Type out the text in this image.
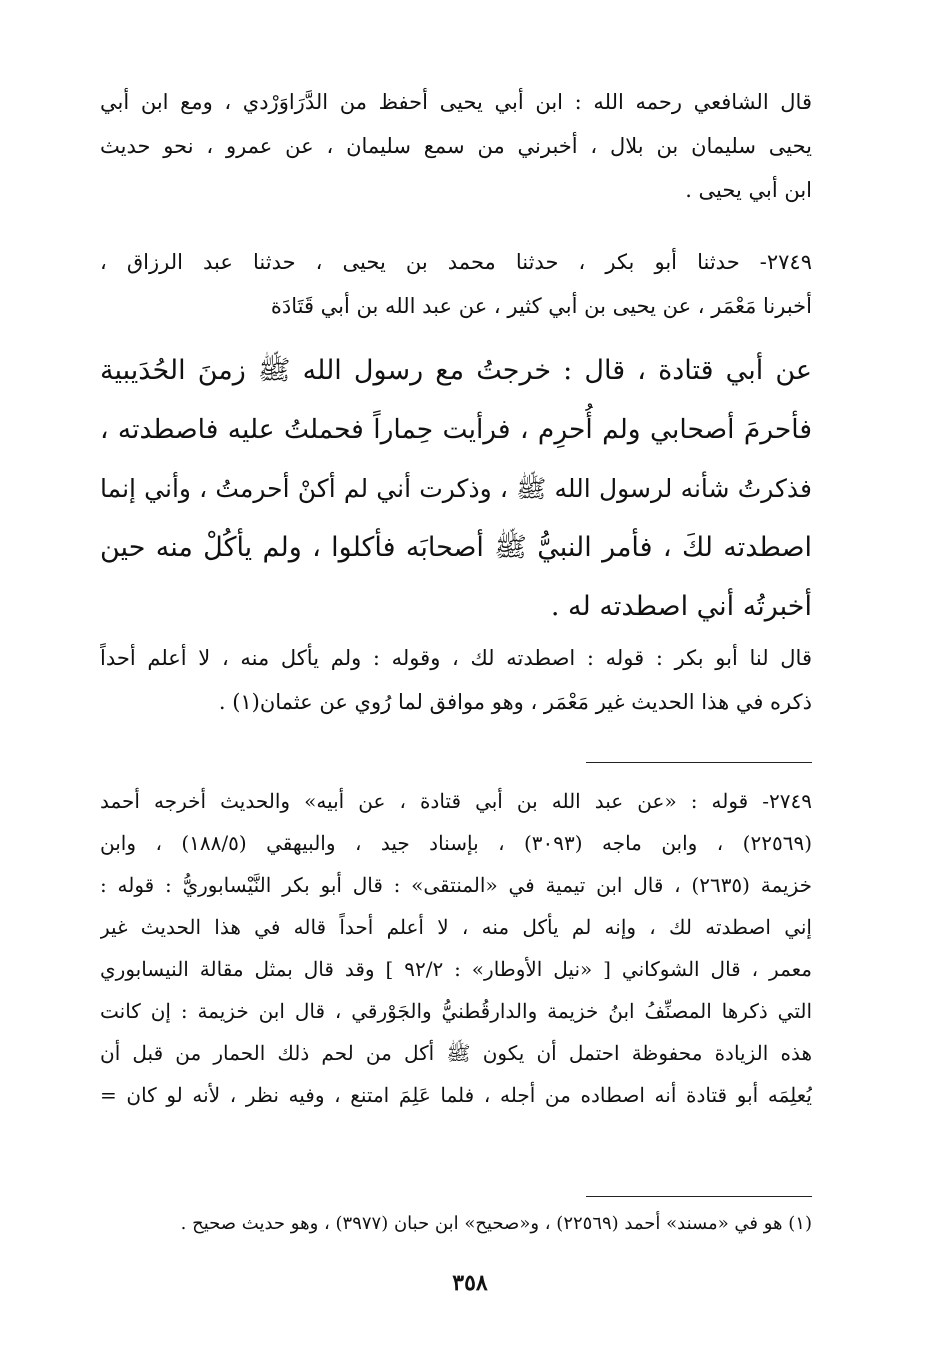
قال الشافعي رحمه الله : ابن أبي يحيى أحفظ من الدَّرَاوَرْدي ، ومع ابن أبي
يحيى سليمان بن بلال ، أخبرني من سمع سليمان ، عن عمرو ، نحو حديث
ابن أبي يحيى .
٢٧٤٩- حدثنا أبو بكر ، حدثنا محمد بن يحيى ، حدثنا عبد الرزاق ،
أخبرنا مَعْمَر ، عن يحيى بن أبي كثير ، عن عبد الله بن أبي قَتَادَة
عن أبي قتادة ، قال : خرجتُ مع رسول الله ﷺ زمنَ الحُدَيبية
فأحرمَ أصحابي ولم أُحرِم ، فرأيت حِماراً فحملتُ عليه فاصطدته ،
فذكرتُ شأنه لرسول الله ﷺ ، وذكرت أني لم أكنْ أحرمتُ ، وأني إنما
اصطدته لكَ ، فأمر النبيُّ ﷺ أصحابَه فأكلوا ، ولم يأكُلْ منه حين
أخبرتُه أني اصطدته له .
قال لنا أبو بكر : قوله : اصطدته لك ، وقوله : ولم يأكل منه ، لا أعلم أحداً
ذكره في هذا الحديث غير مَعْمَر ، وهو موافق لما رُوي عن عثمان(١) .
٢٧٤٩- قوله : «عن عبد الله بن أبي قتادة ، عن أبيه» والحديث أخرجه أحمد
(٢٢٥٦٩) ، وابن ماجه (٣٠٩٣) ، بإسناد جيد ، والبيهقي (١٨٨/٥) ، وابن
خزيمة (٢٦٣٥) ، قال ابن تيمية في «المنتقى» : قال أبو بكر النَّيْسابوريُّ : قوله :
إني اصطدته لك ، وإنه لم يأكل منه ، لا أعلم أحداً قاله في هذا الحديث غير
معمر ، قال الشوكاني [ «نيل الأوطار» : ٩٢/٢ ] وقد قال بمثل مقالة النيسابوري
التي ذكرها المصنِّفُ ابنُ خزيمة والدارقُطنيُّ والجَوْرقي ، قال ابن خزيمة : إن كانت
هذه الزيادة محفوظة احتمل أن يكون ﷺ أكل من لحم ذلك الحمار من قبل أن
يُعلِمَه أبو قتادة أنه اصطاده من أجله ، فلما عَلِمَ امتنع ، وفيه نظر ، لأنه لو كان =
(١) هو في «مسند» أحمد (٢٢٥٦٩) ، و«صحيح» ابن حبان (٣٩٧٧) ، وهو حديث صحيح .
٣٥٨
